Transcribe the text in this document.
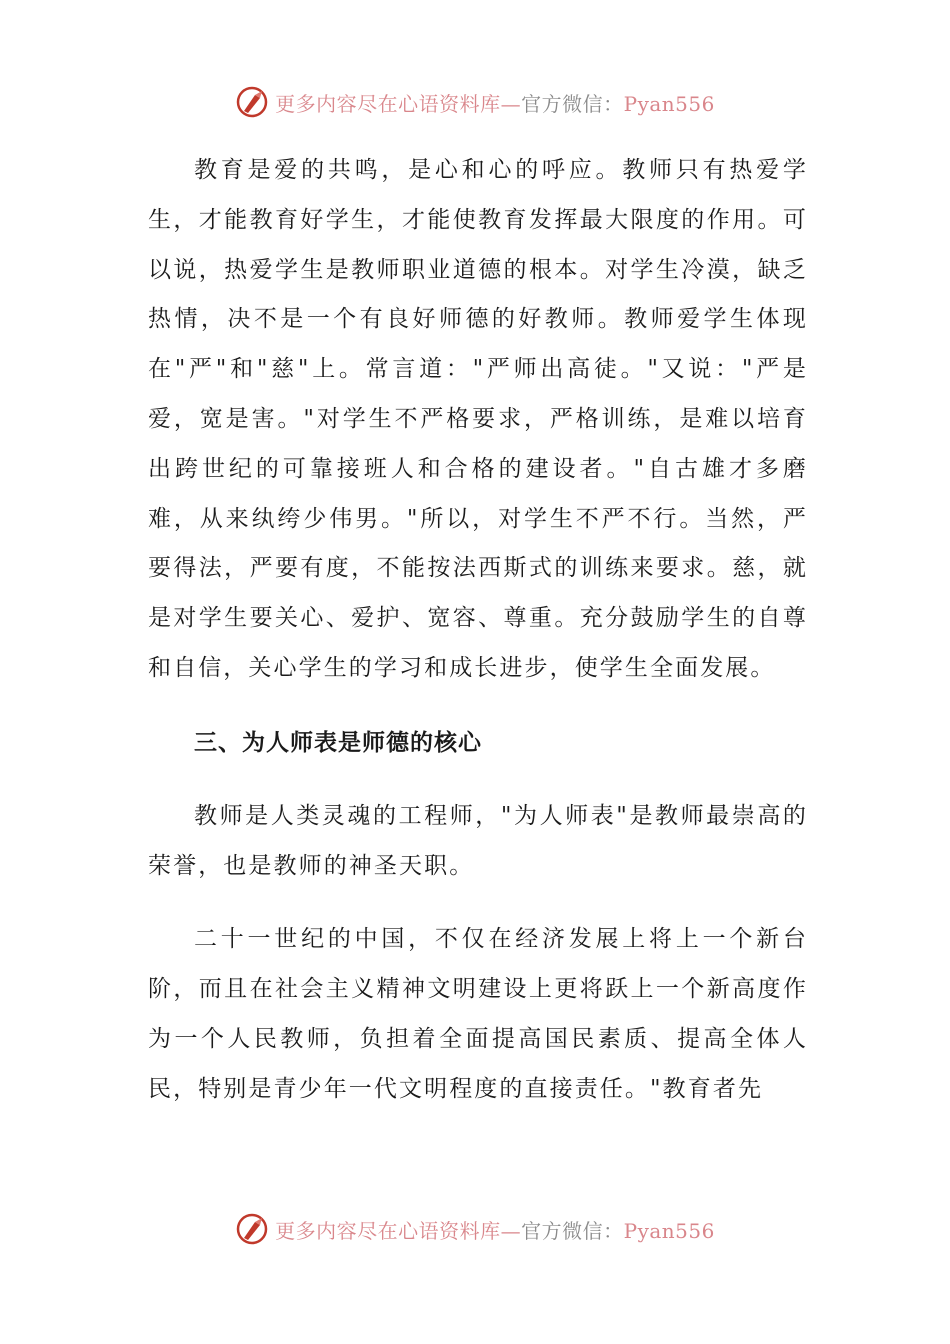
更多内容尽在心语资料库—官方微信：Pyan556

教育是爱的共鸣，是心和心的呼应。教师只有热爱学生，才能教育好学生，才能使教育发挥最大限度的作用。可以说，热爱学生是教师职业道德的根本。对学生冷漠，缺乏热情，决不是一个有良好师德的好教师。教师爱学生体现在"严"和"慈"上。常言道："严师出高徒。"又说："严是爱，宽是害。"对学生不严格要求，严格训练，是难以培育出跨世纪的可靠接班人和合格的建设者。"自古雄才多磨难，从来纨绔少伟男。"所以，对学生不严不行。当然，严要得法，严要有度，不能按法西斯式的训练来要求。慈，就是对学生要关心、爱护、宽容、尊重。充分鼓励学生的自尊和自信，关心学生的学习和成长进步，使学生全面发展。

三、为人师表是师德的核心

教师是人类灵魂的工程师，"为人师表"是教师最崇高的荣誉，也是教师的神圣天职。

二十一世纪的中国，不仅在经济发展上将上一个新台阶，而且在社会主义精神文明建设上更将跃上一个新高度作为一个人民教师，负担着全面提高国民素质、提高全体人民，特别是青少年一代文明程度的直接责任。"教育者先

更多内容尽在心语资料库—官方微信：Pyan556
